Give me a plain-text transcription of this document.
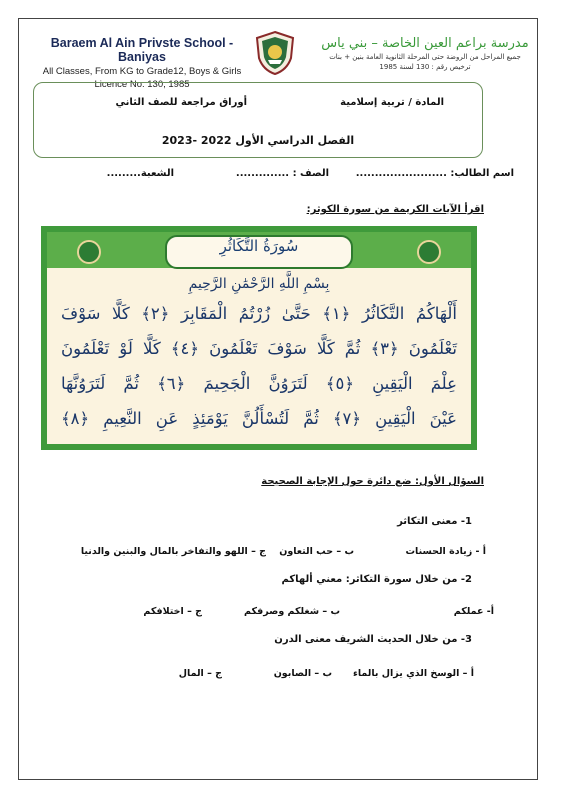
Baraem Al Ain Privste School - Baniyas
All Classes, From KG to Grade12, Boys & Girls
Licence No. 130, 1985
مدرسة براعم العين الخاصة – بني ياس
جميع المراحل من الروضة حتى المرحلة الثانوية العامة بنين + بنات
ترخيص رقم : 130 لسنة 1985
المادة / تربية إسلامية
أوراق مراجعة للصف الثاني
الفصل الدراسي الأول 2022 -2023
اسم الطالب: ........................
الصف : ..............
الشعبة.........
اقرأ الآيات الكريمة من سورة الكوثر:
سُورَةُ التَّكَاثُرِ
بِسْمِ اللَّهِ الرَّحْمَٰنِ الرَّحِيمِ
أَلْهَاكُمُ التَّكَاثُرُ ﴿١﴾ حَتَّىٰ زُرْتُمُ الْمَقَابِرَ ﴿٢﴾ كَلَّا سَوْفَ
تَعْلَمُونَ ﴿٣﴾ ثُمَّ كَلَّا سَوْفَ تَعْلَمُونَ ﴿٤﴾ كَلَّا لَوْ تَعْلَمُونَ
عِلْمَ الْيَقِينِ ﴿٥﴾ لَتَرَوُنَّ الْجَحِيمَ ﴿٦﴾ ثُمَّ لَتَرَوُنَّهَا
عَيْنَ الْيَقِينِ ﴿٧﴾ ثُمَّ لَتُسْأَلُنَّ يَوْمَئِذٍ عَنِ النَّعِيمِ ﴿٨﴾
السؤال الأول: ضع دائرة حول الإجابة الصحيحة
1- معنى التكاثر
أ - زيادة الحسنات
ب – حب التعاون
ج – اللهو والتفاخر بالمال والبنين والدنيا
2- من خلال سورة التكاثر: معني ألهاكم
أ- عملكم
ب – شغلكم وصرفكم
ج – اختلافكم
3- من خلال الحديث الشريف معنى الدرن
أ – الوسخ الذي يزال بالماء
ب – الصابون
ج – المال
